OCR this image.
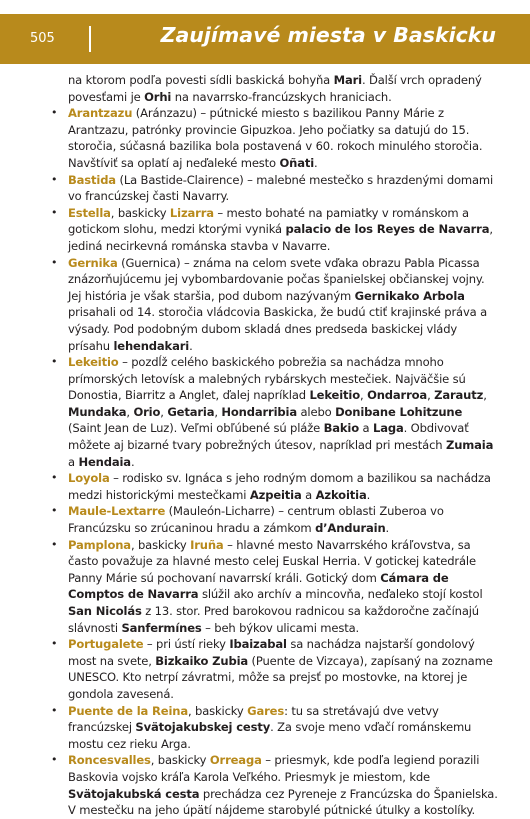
505	Zaujímavé miesta v Baskicku

na ktorom podľa povesti sídli baskická bohyňa Mari. Ďalší vrch opradený povesťami je Orhi na navarrsko-francúzskych hraniciach.

• Arantzazu (Aránzazu) – pútnické miesto s bazilikou Panny Márie z Arantzazu, patrónky provincie Gipuzkoa. Jeho počiatky sa datujú do 15. storočia, súčasná bazilika bola postavená v 60. rokoch minulého storočia. Navštíviť sa oplatí aj neďaleké mesto Oñati.
• Bastida (La Bastide-Clairence) – malebné mestečko s hrazdenými domami vo francúzskej časti Navarry.
• Estella, baskicky Lizarra – mesto bohaté na pamiatky v románskom a gotickom slohu, medzi ktorými vyniká palacio de los Reyes de Navarra, jediná necirkevná románska stavba v Navarre.
• Gernika (Guernica) – známa na celom svete vďaka obrazu Pabla Picassa znázorňujúcemu jej vybombardovanie počas španielskej občianskej vojny. Jej história je však staršia, pod dubom nazývaným Gernikako Arbola prisahali od 14. storočia vládcovia Baskicka, že budú ctiť krajinské práva a výsady. Pod podobným dubom skladá dnes predseda baskickej vlády prísahu lehendakari.
• Lekeitio – pozdĺž celého baskického pobrežia sa nachádza mnoho prímorských letovísk a malebných rybárskych mestečiek. Najväčšie sú Donostia, Biarritz a Anglet, ďalej napríklad Lekeitio, Ondarroa, Zarautz, Mundaka, Orio, Getaria, Hondarribia alebo Donibane Lohitzune (Saint Jean de Luz). Veľmi obľúbené sú pláže Bakio a Laga. Obdivovať môžete aj bizarné tvary pobrežných útesov, napríklad pri mestách Zumaia a Hendaia.
• Loyola – rodisko sv. Ignáca s jeho rodným domom a bazilikou sa nachádza medzi historickými mestečkami Azpeitia a Azkoitia.
• Maule-Lextarre (Mauleón-Licharre) – centrum oblasti Zuberoa vo Francúzsku so zrúcaninou hradu a zámkom d’Andurain.
• Pamplona, baskicky Iruña – hlavné mesto Navarrského kráľovstva, sa často považuje za hlavné mesto celej Euskal Herria. V gotickej katedrále Panny Márie sú pochovaní navarrskí králi. Gotický dom Cámara de Comptos de Navarra slúžil ako archív a mincovňa, neďaleko stojí kostol San Nicolás z 13. stor. Pred barokovou radnicou sa každoročne začínajú slávnosti Sanfermínes – beh býkov ulicami mesta.
• Portugalete – pri ústí rieky Ibaizabal sa nachádza najstarší gondolový most na svete, Bizkaiko Zubia (Puente de Vizcaya), zapísaný na zozname UNESCO. Kto netrpí závratmi, môže sa prejsť po mostovke, na ktorej je gondola zavesená.
• Puente de la Reina, baskicky Gares: tu sa stretávajú dve vetvy francúzskej Svätojakubskej cesty. Za svoje meno vďačí románskemu mostu cez rieku Arga.
• Roncesvalles, baskicky Orreaga – priesmyk, kde podľa legiend porazili Baskovia vojsko kráľa Karola Veľkého. Priesmyk je miestom, kde Svätojakubská cesta prechádza cez Pyreneje z Francúzska do Španielska. V mestečku na jeho úpätí nájdeme starobylé pútnické útulky a kostolíky.
